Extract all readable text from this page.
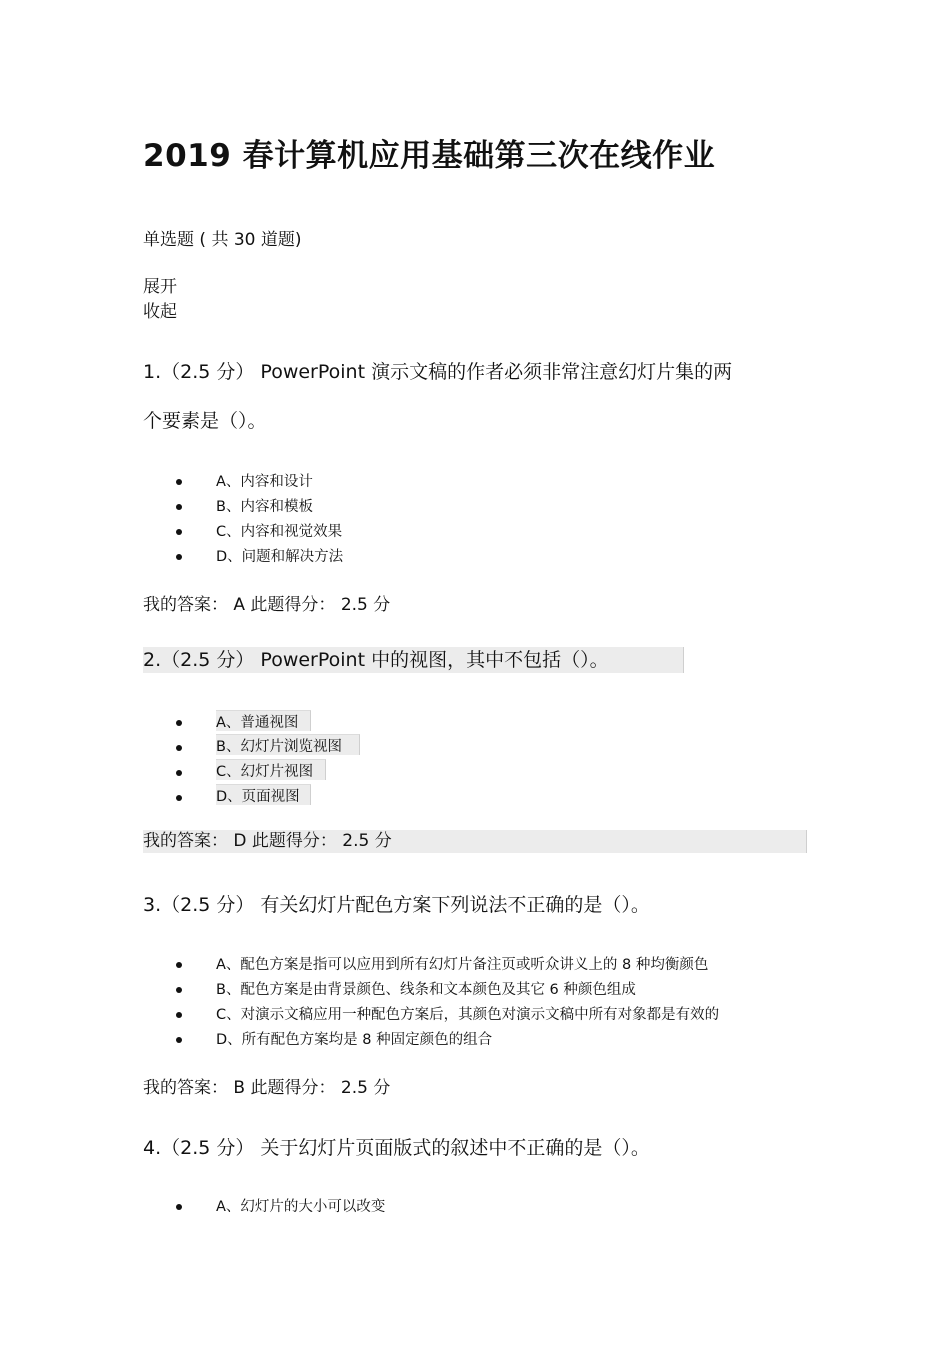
2019 春计算机应用基础第三次在线作业
单选题 ( 共 30 道题)
展开
收起
1.（2.5 分） PowerPoint 演示文稿的作者必须非常注意幻灯片集的两
个要素是（）。
A、内容和设计
B、内容和模板
C、内容和视觉效果
D、问题和解决方法
我的答案： A 此题得分： 2.5 分
2.（2.5 分） PowerPoint 中的视图，其中不包括（）。
A、普通视图
B、幻灯片浏览视图
C、幻灯片视图
D、页面视图
我的答案： D 此题得分： 2.5 分
3.（2.5 分） 有关幻灯片配色方案下列说法不正确的是（）。
A、配色方案是指可以应用到所有幻灯片备注页或听众讲义上的 8 种均衡颜色
B、配色方案是由背景颜色、线条和文本颜色及其它 6 种颜色组成
C、对演示文稿应用一种配色方案后，其颜色对演示文稿中所有对象都是有效的
D、所有配色方案均是 8 种固定颜色的组合
我的答案： B 此题得分： 2.5 分
4.（2.5 分） 关于幻灯片页面版式的叙述中不正确的是（）。
A、幻灯片的大小可以改变
